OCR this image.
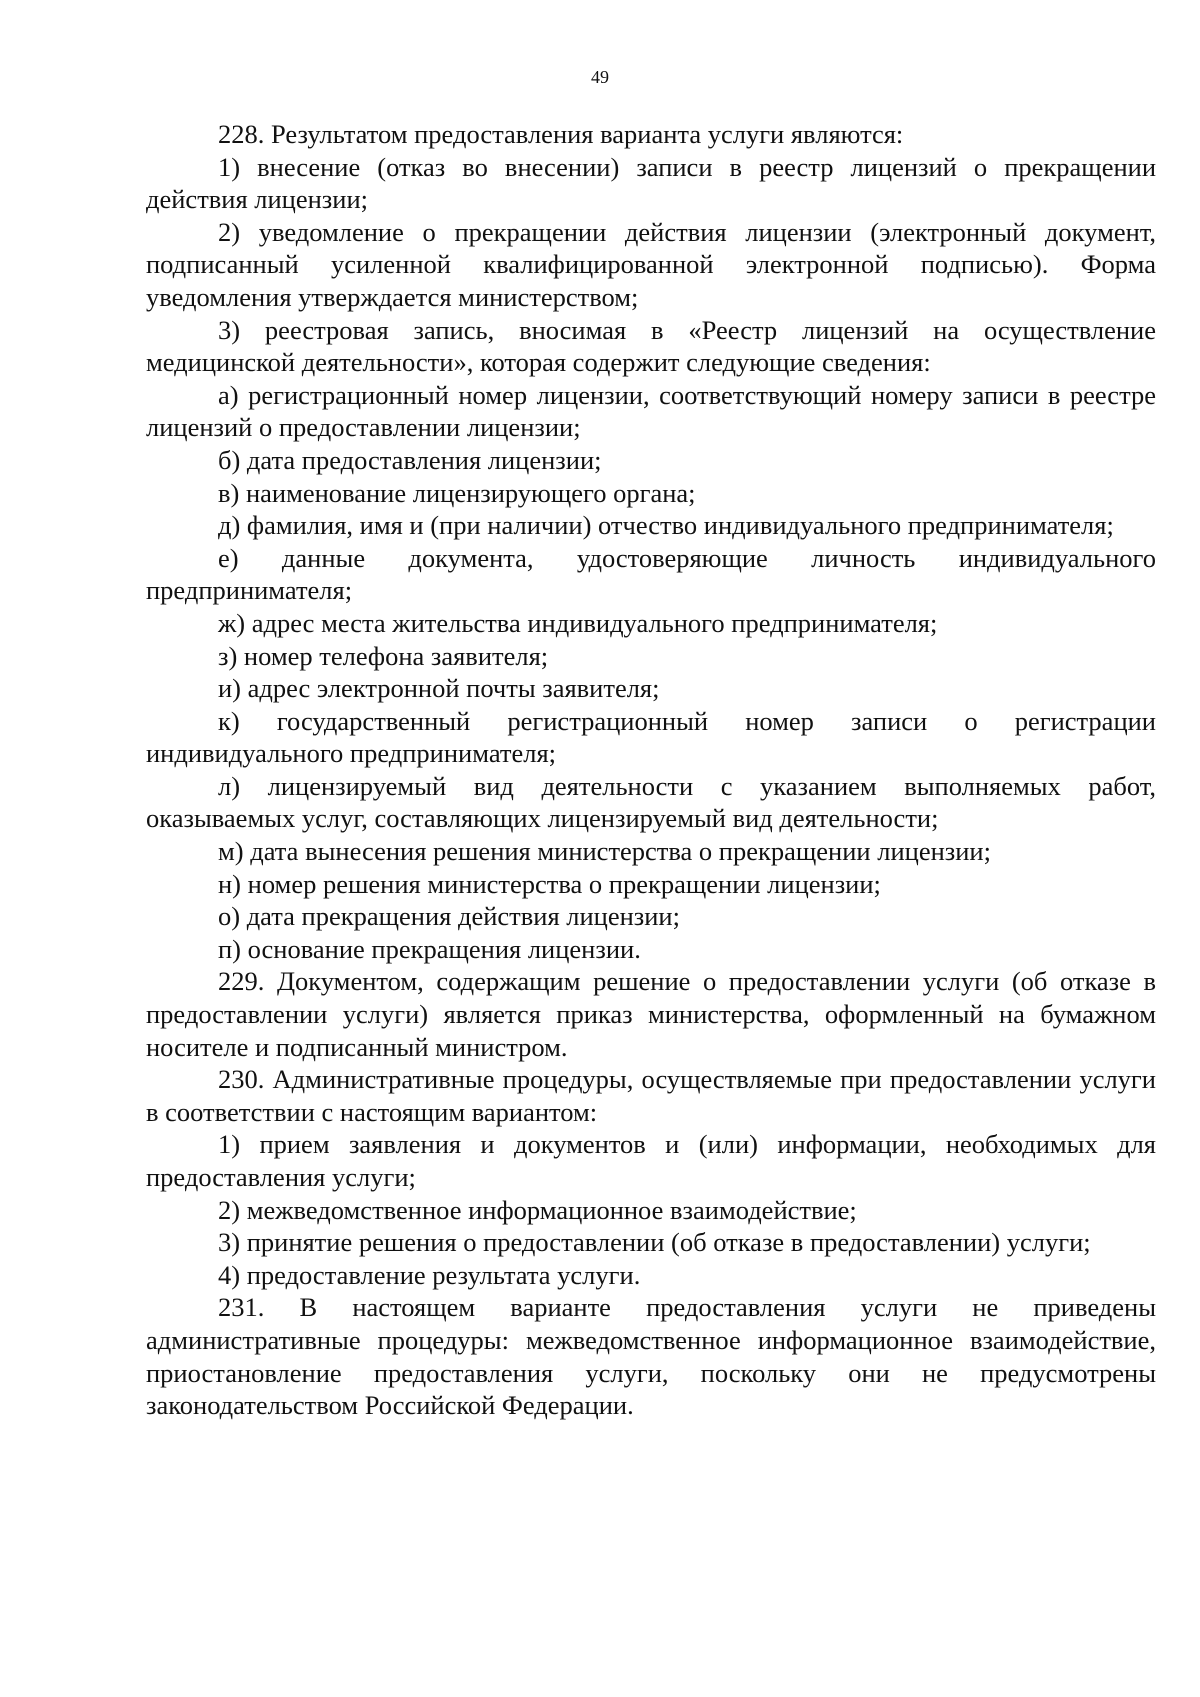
49

228. Результатом предоставления варианта услуги являются:

1) внесение (отказ во внесении) записи в реестр лицензий о прекращении действия лицензии;

2) уведомление о прекращении действия лицензии (электронный документ, подписанный усиленной квалифицированной электронной подписью). Форма уведомления утверждается министерством;

3) реестровая запись, вносимая в «Реестр лицензий на осуществление медицинской деятельности», которая содержит следующие сведения:

а) регистрационный номер лицензии, соответствующий номеру записи в реестре лицензий о предоставлении лицензии;

б) дата предоставления лицензии;

в) наименование лицензирующего органа;

д) фамилия, имя и (при наличии) отчество индивидуального предпринимателя;

е) данные документа, удостоверяющие личность индивидуального предпринимателя;

ж) адрес места жительства индивидуального предпринимателя;

з) номер телефона заявителя;

и) адрес электронной почты заявителя;

к) государственный регистрационный номер записи о регистрации индивидуального предпринимателя;

л) лицензируемый вид деятельности с указанием выполняемых работ, оказываемых услуг, составляющих лицензируемый вид деятельности;

м) дата вынесения решения министерства о прекращении лицензии;

н) номер решения министерства о прекращении лицензии;

о) дата прекращения действия лицензии;

п) основание прекращения лицензии.

229. Документом, содержащим решение о предоставлении услуги (об отказе в предоставлении услуги) является приказ министерства, оформленный на бумажном носителе и подписанный министром.

230. Административные процедуры, осуществляемые при предоставлении услуги в соответствии с настоящим вариантом:

1) прием заявления и документов и (или) информации, необходимых для предоставления услуги;

2) межведомственное информационное взаимодействие;

3) принятие решения о предоставлении (об отказе в предоставлении) услуги;

4) предоставление результата услуги.

231. В настоящем варианте предоставления услуги не приведены административные процедуры: межведомственное информационное взаимодействие, приостановление предоставления услуги, поскольку они не предусмотрены законодательством Российской Федерации.
